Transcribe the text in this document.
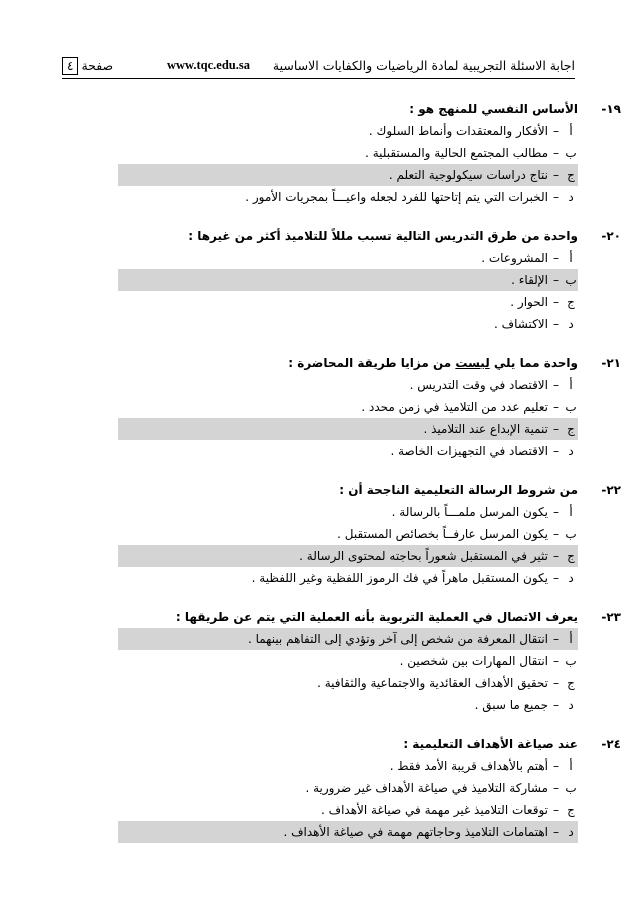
اجابة الاسئلة التجريبية لمادة الرياضيات والكفايات الاساسية
www.tqc.edu.sa
صفحة٤
١٩-
الأساس النفسي للمنهج هو :
أ–الأفكار والمعتقدات وأنماط السلوك .
ب–مطالب المجتمع الحالية والمستقبلية .
ج–نتاج دراسات سيكولوجية التعلم .
د–الخبرات التي يتم إتاحتها للفرد لجعله واعيـــاً بمجريات الأمور .
٢٠-
واحدة من طرق التدريس التالية تسبب مللاً للتلاميذ أكثر من غيرها :
أ–المشروعات .
ب–الإلقاء .
ج–الحوار .
د–الاكتشاف .
٢١-
واحدة مما يلي ليست من مزايا طريقة المحاضرة :
أ–الاقتصاد في وقت التدريس .
ب–تعليم عدد من التلاميذ في زمن محدد .
ج–تنمية الإبداع عند التلاميذ .
د–الاقتصاد في التجهيزات الخاصة .
٢٢-
من شروط الرسالة التعليمية الناجحة أن :
أ–يكون المرسل ملمـــاً بالرسالة .
ب–يكون المرسل عارفــاً بخصائص المستقبل .
ج–تثير في المستقبل شعوراً بحاجته لمحتوى الرسالة .
د–يكون المستقبل ماهراً في فك الرموز اللفظية وغير اللفظية .
٢٣-
يعرف الاتصال في العملية التربوية بأنه العملية التي يتم عن طريقها :
أ–انتقال المعرفة من شخص إلى آخر وتؤدي إلى التفاهم بينهما .
ب–انتقال المهارات بين شخصين .
ج–تحقيق الأهداف العقائدية والاجتماعية والثقافية .
د–جميع ما سبق .
٢٤-
عند صياغة الأهداف التعليمية :
أ–أهتم بالأهداف قريبة الأمد فقط .
ب–مشاركة التلاميذ في صياغة الأهداف غير ضرورية .
ج–توقعات التلاميذ غير مهمة في صياغة الأهداف .
د–اهتمامات التلاميذ وحاجاتهم مهمة في صياغة الأهداف .
